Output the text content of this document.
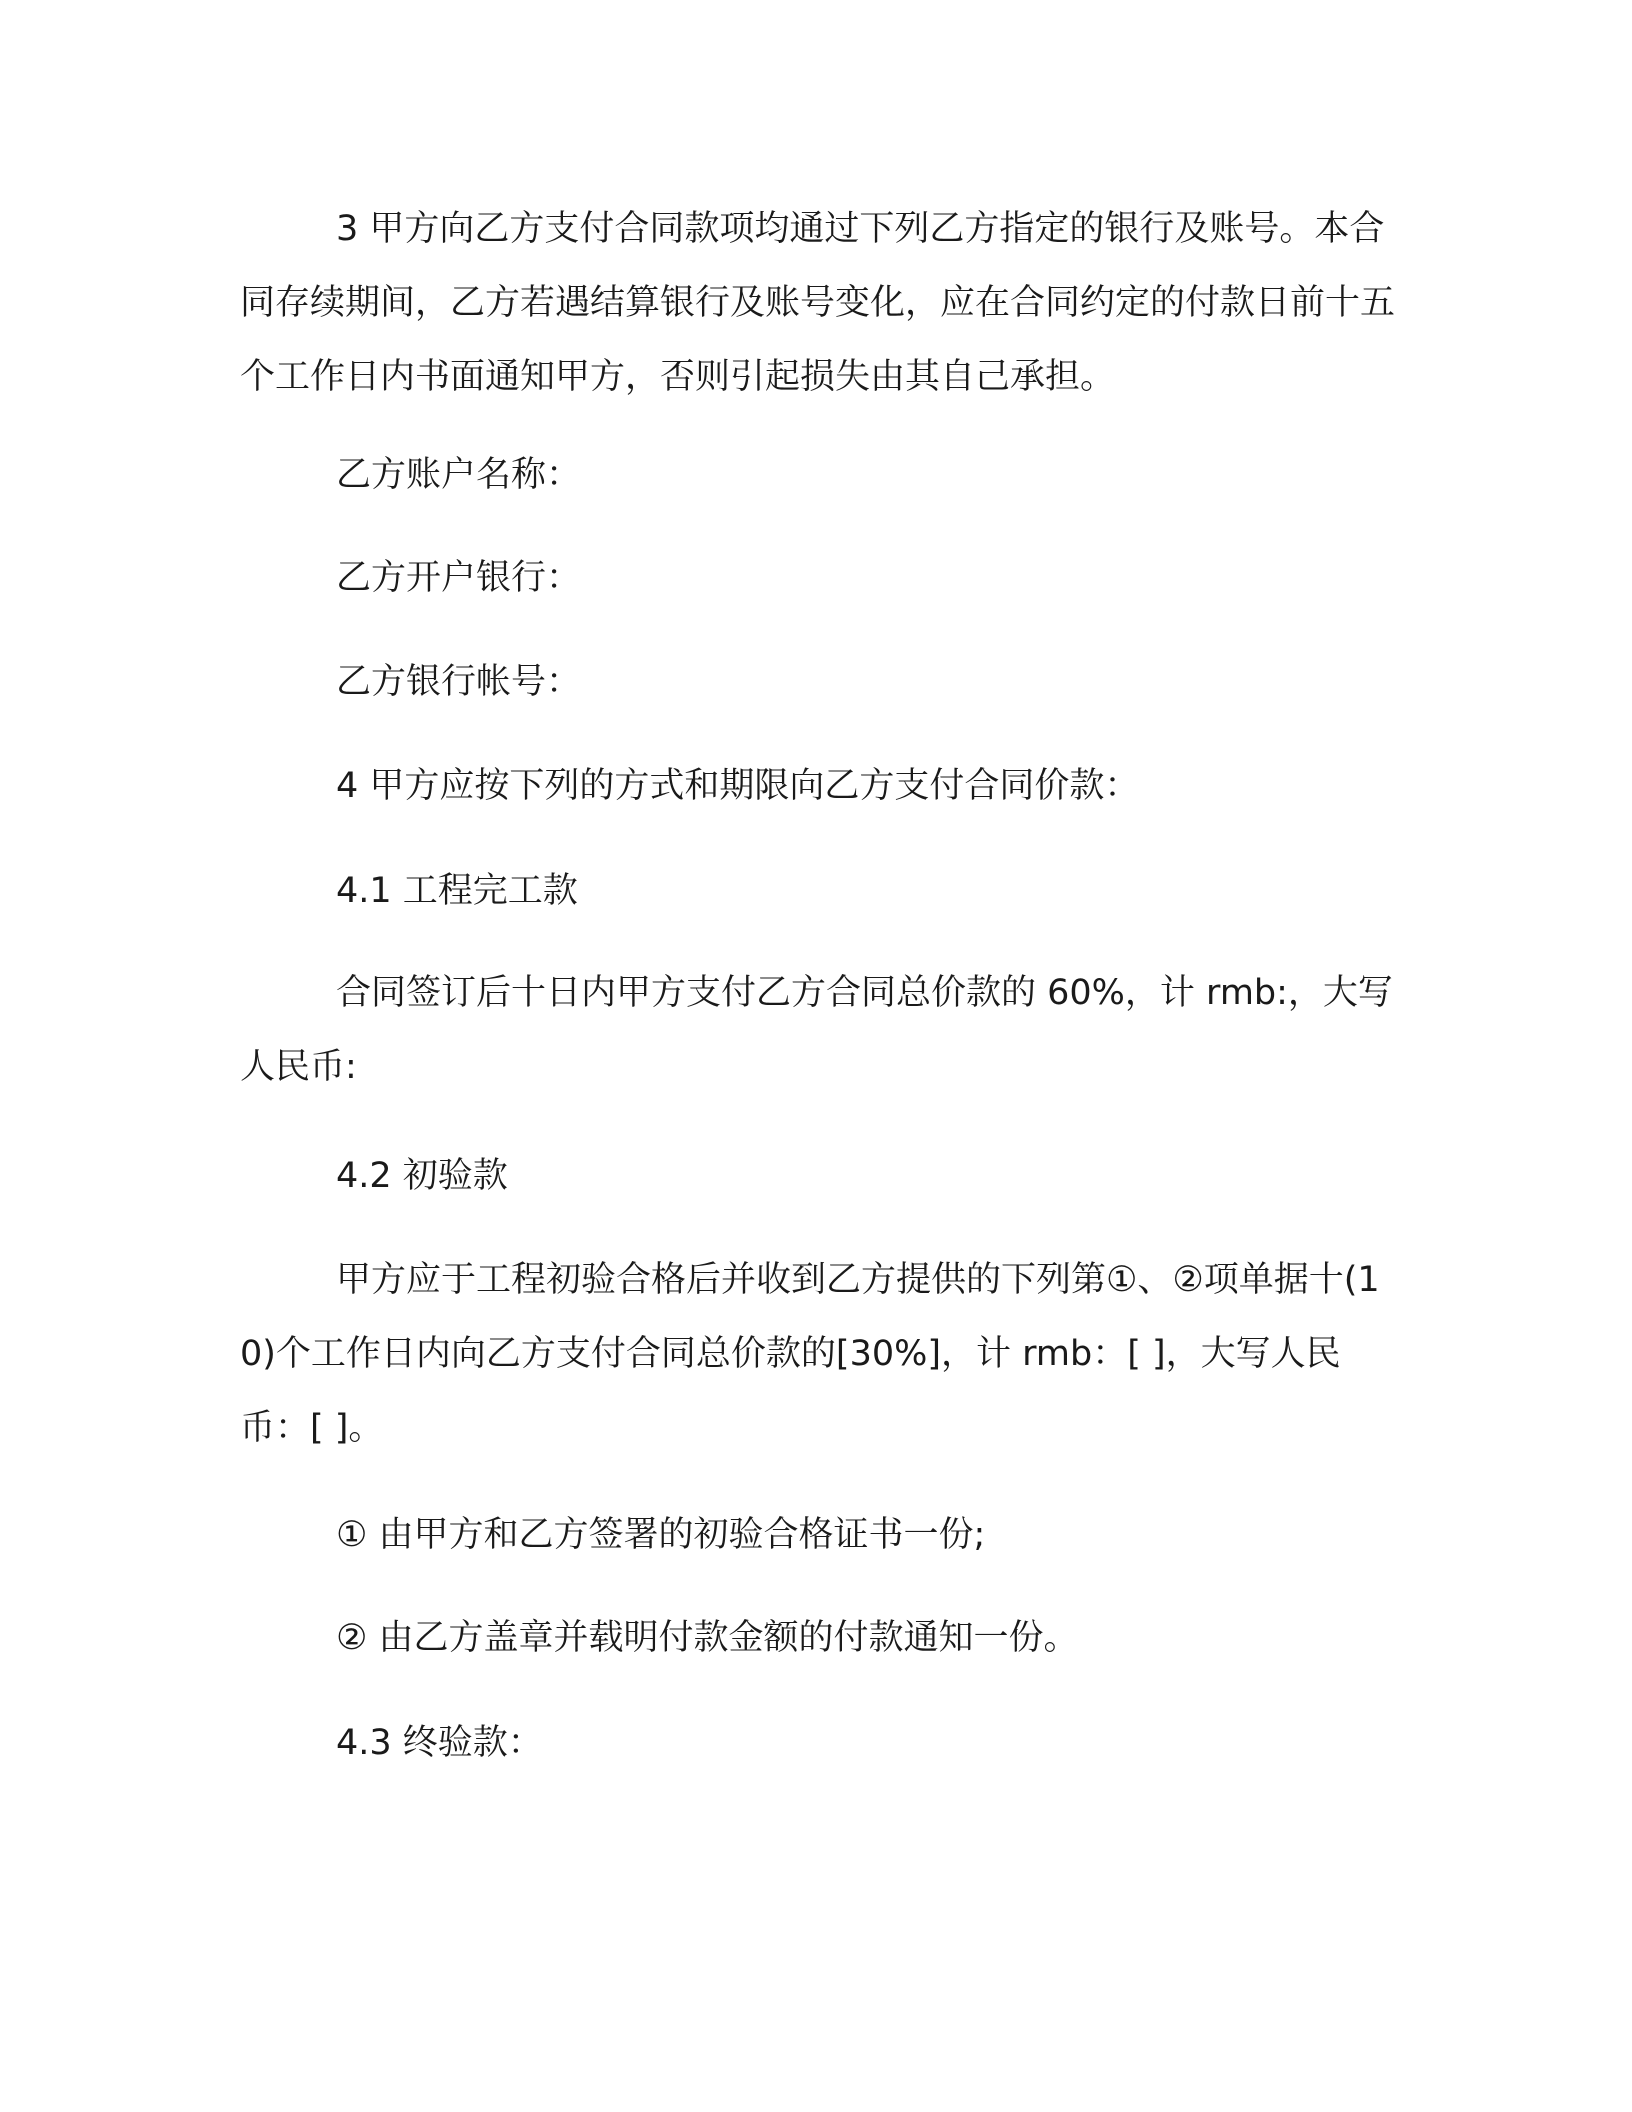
3 甲方向乙方支付合同款项均通过下列乙方指定的银行及账号。本合同存续期间，乙方若遇结算银行及账号变化，应在合同约定的付款日前十五个工作日内书面通知甲方，否则引起损失由其自己承担。

乙方账户名称：

乙方开户银行：

乙方银行帐号：

4 甲方应按下列的方式和期限向乙方支付合同价款：

4.1 工程完工款

合同签订后十日内甲方支付乙方合同总价款的 60%，计 rmb:，大写人民币:

4.2 初验款

甲方应于工程初验合格后并收到乙方提供的下列第①、②项单据十(10)个工作日内向乙方支付合同总价款的[30%]，计 rmb：[ ]，大写人民币：[ ]。

① 由甲方和乙方签署的初验合格证书一份;

② 由乙方盖章并载明付款金额的付款通知一份。

4.3 终验款：
